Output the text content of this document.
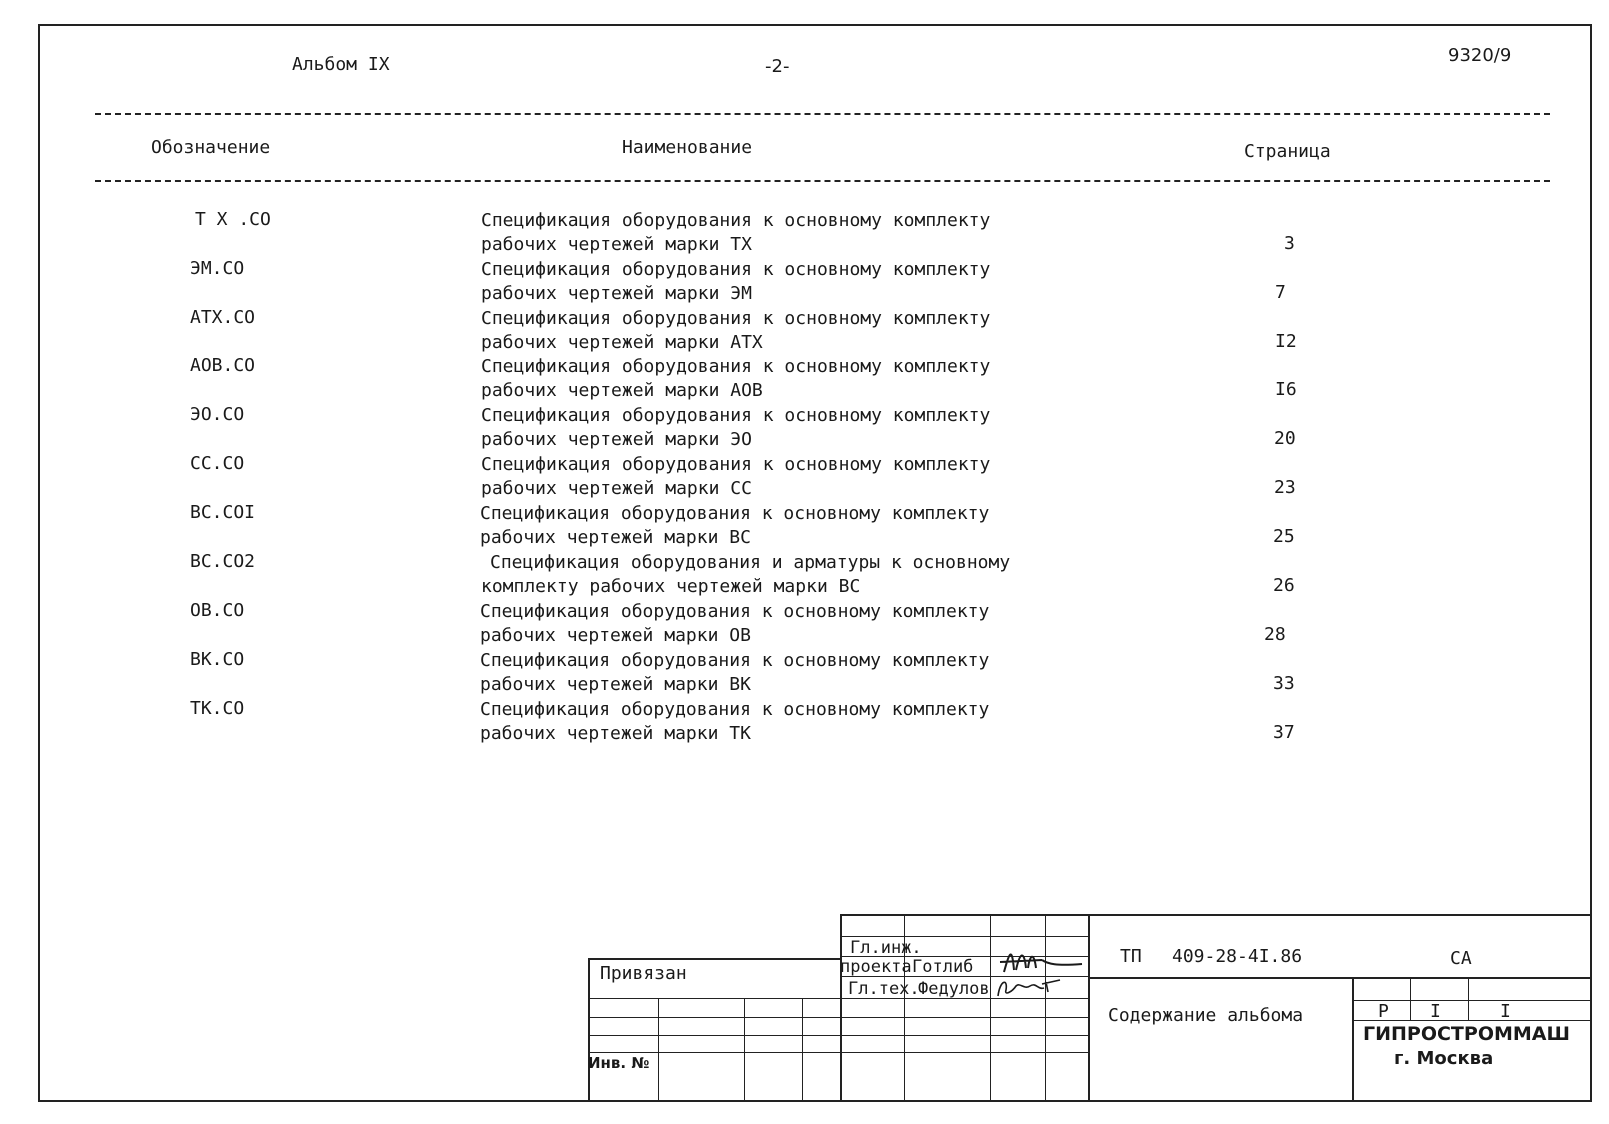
Альбом IX	-2-
9320/9
Обозначение	Наименование	Страница
Т Х .СО	Спецификация оборудования к основному комплекту рабочих чертежей марки ТХ	3
ЭМ.СО	Спецификация оборудования к основному комплекту рабочих чертежей марки ЭМ	7
АТХ.СО	Спецификация оборудования к основному комплекту рабочих чертежей марки АТХ	I2
АОВ.СО	Спецификация оборудования к основному комплекту рабочих чертежей марки АОВ	I6
ЭО.СО	Спецификация оборудования к основному комплекту рабочих чертежей марки ЭО	20
СС.СО	Спецификация оборудования к основному комплекту рабочих чертежей марки СС	23
ВС.СОI	Спецификация оборудования к основному комплекту рабочих чертежей марки ВС	25
ВС.СО2	Спецификация оборудования и арматуры к основному комплекту рабочих чертежей марки ВС	26
ОВ.СО	Спецификация оборудования к основному комплекту рабочих чертежей марки ОВ	28
ВК.СО	Спецификация оборудования к основному комплекту рабочих чертежей марки ВК	33
ТК.СО	Спецификация оборудования к основному комплекту рабочих чертежей марки ТК	37
Привязан
Инв. №
Гл.инж.
проекта Готлиб
Гл.тех.
Федулов
ТП 409-28-4I.86	СА
Содержание альбома	Р I	I
ГИПРОСТРОММАШ
г. Москва
